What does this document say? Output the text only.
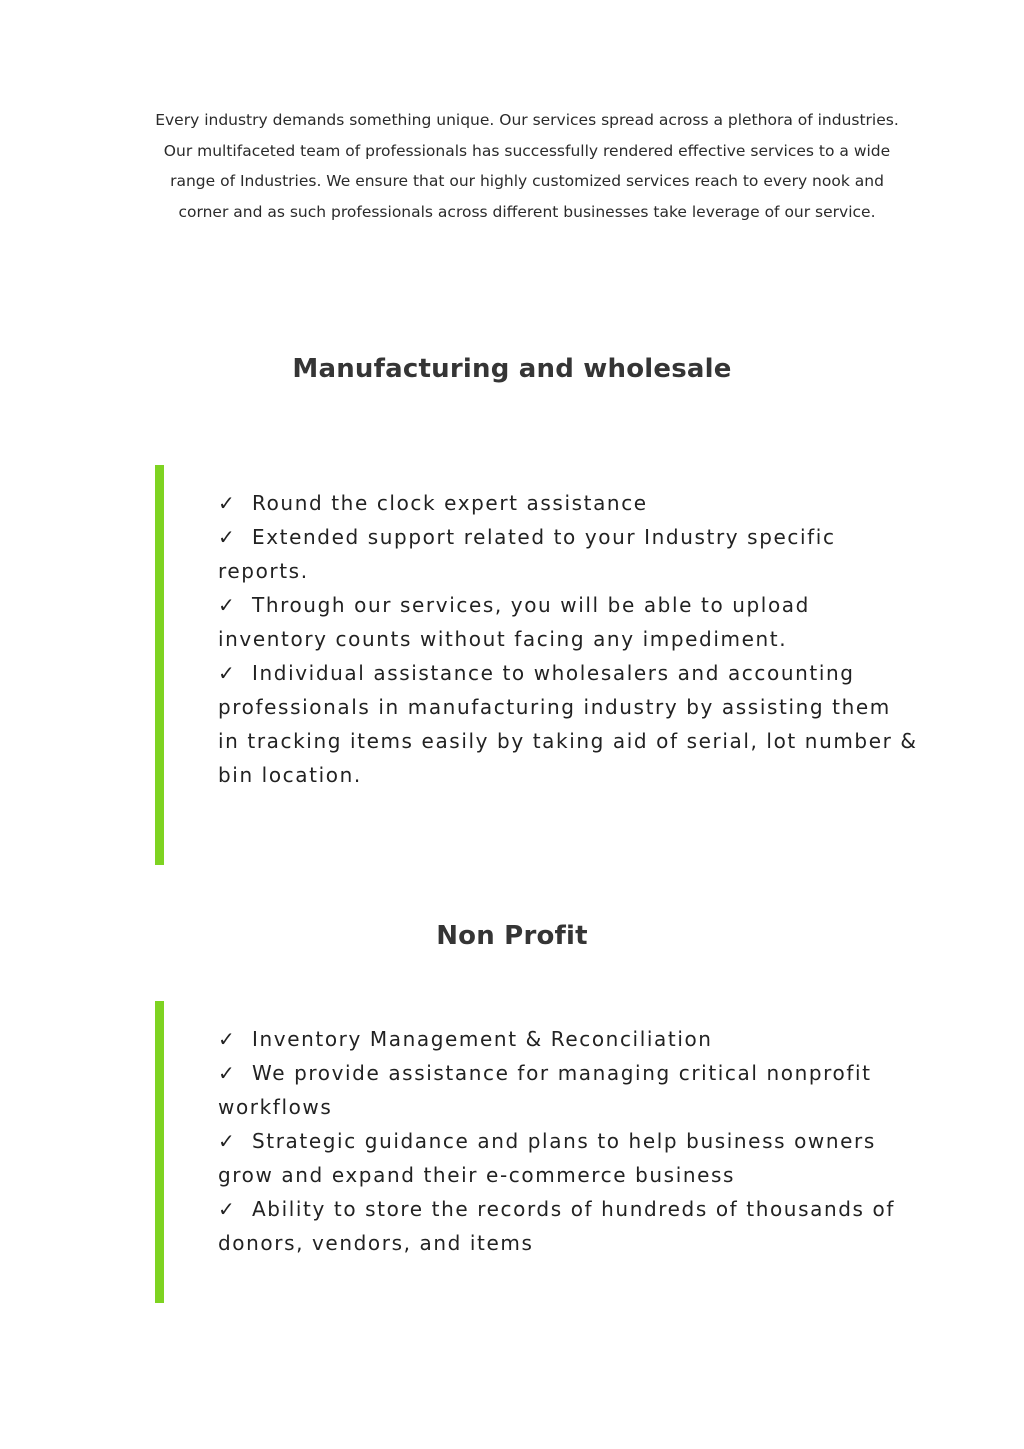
Every industry demands something unique. Our services spread across a plethora of industries. Our multifaceted team of professionals has successfully rendered effective services to a wide range of Industries. We ensure that our highly customized services reach to every nook and corner and as such professionals across different businesses take leverage of our service.

Manufacturing and wholesale
✓ Round the clock expert assistance
✓ Extended support related to your Industry specific reports.
✓ Through our services, you will be able to upload inventory counts without facing any impediment.
✓ Individual assistance to wholesalers and accounting professionals in manufacturing industry by assisting them in tracking items easily by taking aid of serial, lot number & bin location.
Non Profit
✓ Inventory Management & Reconciliation
✓ We provide assistance for managing critical nonprofit workflows
✓ Strategic guidance and plans to help business owners grow and expand their e-commerce business
✓ Ability to store the records of hundreds of thousands of donors, vendors, and items
